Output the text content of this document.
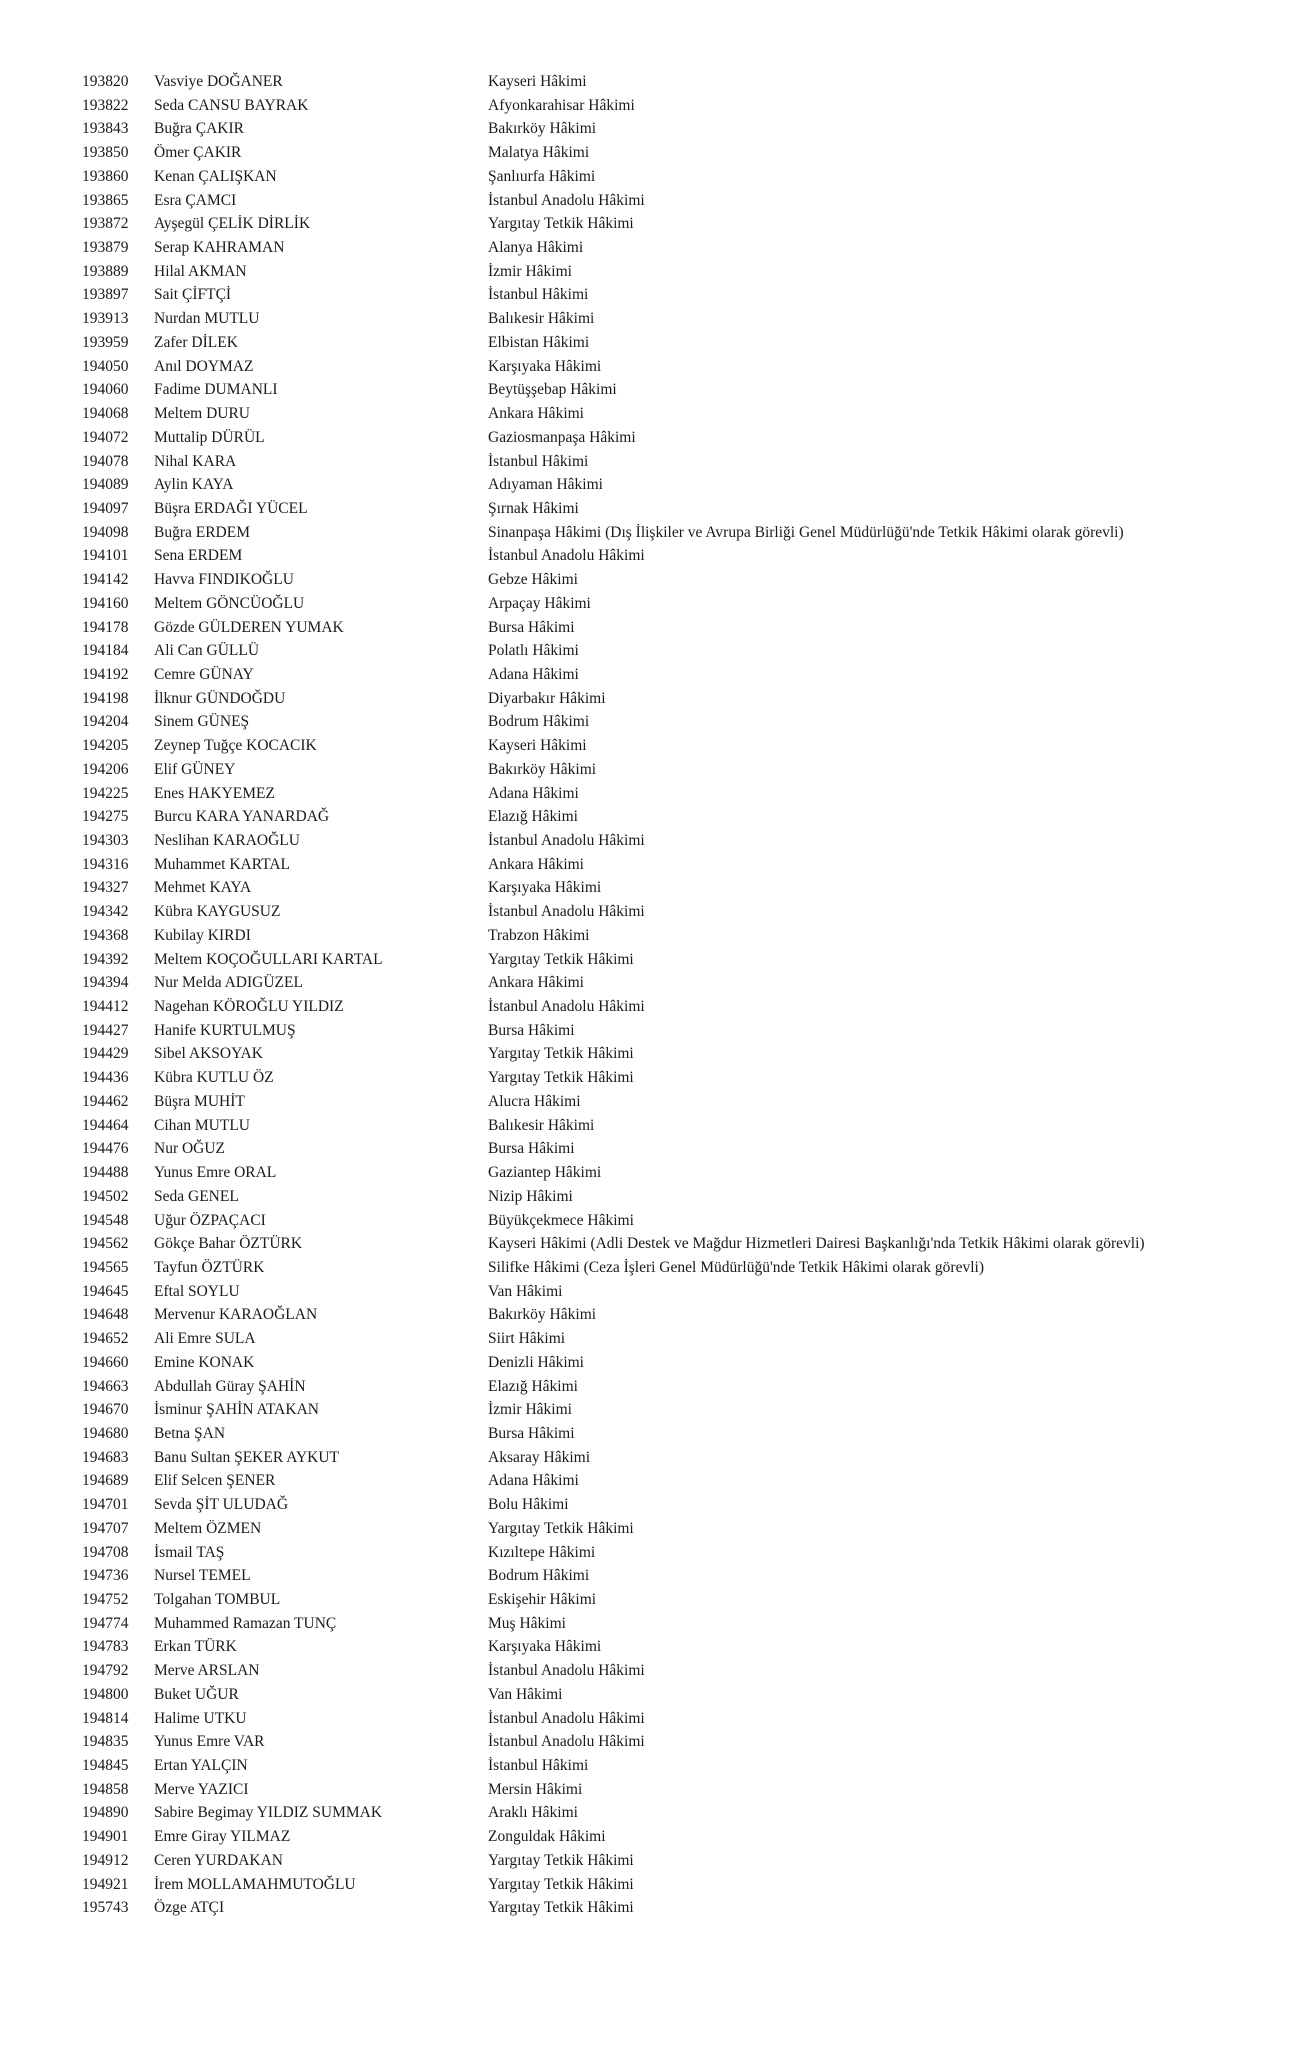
193820	Vasviye DOĞANER	Kayseri Hâkimi
193822	Seda CANSU BAYRAK	Afyonkarahisar Hâkimi
193843	Buğra ÇAKIR	Bakırköy Hâkimi
193850	Ömer ÇAKIR	Malatya Hâkimi
193860	Kenan ÇALIŞKAN	Şanlıurfa Hâkimi
193865	Esra ÇAMCI	İstanbul Anadolu Hâkimi
193872	Ayşegül ÇELİK DİRLİK	Yargıtay Tetkik Hâkimi
193879	Serap KAHRAMAN	Alanya Hâkimi
193889	Hilal AKMAN	İzmir Hâkimi
193897	Sait ÇİFTÇİ	İstanbul Hâkimi
193913	Nurdan MUTLU	Balıkesir Hâkimi
193959	Zafer DİLEK	Elbistan Hâkimi
194050	Anıl DOYMAZ	Karşıyaka Hâkimi
194060	Fadime DUMANLI	Beytüşşebap Hâkimi
194068	Meltem DURU	Ankara Hâkimi
194072	Muttalip DÜRÜL	Gaziosmanpaşa Hâkimi
194078	Nihal KARA	İstanbul Hâkimi
194089	Aylin KAYA	Adıyaman Hâkimi
194097	Büşra ERDAĞI YÜCEL	Şırnak Hâkimi
194098	Buğra ERDEM	Sinanpaşa Hâkimi (Dış İlişkiler ve Avrupa Birliği Genel Müdürlüğü'nde Tetkik Hâkimi olarak görevli)
194101	Sena ERDEM	İstanbul Anadolu Hâkimi
194142	Havva FINDIKOĞLU	Gebze Hâkimi
194160	Meltem GÖNCÜOĞLU	Arpaçay Hâkimi
194178	Gözde GÜLDEREN YUMAK	Bursa Hâkimi
194184	Ali Can GÜLLÜ	Polatlı Hâkimi
194192	Cemre GÜNAY	Adana Hâkimi
194198	İlknur GÜNDOĞDU	Diyarbakır Hâkimi
194204	Sinem GÜNEŞ	Bodrum Hâkimi
194205	Zeynep Tuğçe KOCACIK	Kayseri Hâkimi
194206	Elif GÜNEY	Bakırköy Hâkimi
194225	Enes HAKYEMEZ	Adana Hâkimi
194275	Burcu KARA YANARDAĞ	Elazığ Hâkimi
194303	Neslihan KARAOĞLU	İstanbul Anadolu Hâkimi
194316	Muhammet KARTAL	Ankara Hâkimi
194327	Mehmet KAYA	Karşıyaka Hâkimi
194342	Kübra KAYGUSUZ	İstanbul Anadolu Hâkimi
194368	Kubilay KIRDI	Trabzon Hâkimi
194392	Meltem KOÇOĞULLARI KARTAL	Yargıtay Tetkik Hâkimi
194394	Nur Melda ADIGÜZEL	Ankara Hâkimi
194412	Nagehan KÖROĞLU YILDIZ	İstanbul Anadolu Hâkimi
194427	Hanife KURTULMUŞ	Bursa Hâkimi
194429	Sibel AKSOYAK	Yargıtay Tetkik Hâkimi
194436	Kübra KUTLU ÖZ	Yargıtay Tetkik Hâkimi
194462	Büşra MUHİT	Alucra Hâkimi
194464	Cihan MUTLU	Balıkesir Hâkimi
194476	Nur OĞUZ	Bursa Hâkimi
194488	Yunus Emre ORAL	Gaziantep Hâkimi
194502	Seda GENEL	Nizip Hâkimi
194548	Uğur ÖZPAÇACI	Büyükçekmece Hâkimi
194562	Gökçe Bahar ÖZTÜRK	Kayseri Hâkimi (Adli Destek ve Mağdur Hizmetleri Dairesi Başkanlığı'nda Tetkik Hâkimi olarak görevli)
194565	Tayfun ÖZTÜRK	Silifke Hâkimi (Ceza İşleri Genel Müdürlüğü'nde Tetkik Hâkimi olarak görevli)
194645	Eftal SOYLU	Van Hâkimi
194648	Mervenur KARAOĞLAN	Bakırköy Hâkimi
194652	Ali Emre SULA	Siirt Hâkimi
194660	Emine KONAK	Denizli Hâkimi
194663	Abdullah Güray ŞAHİN	Elazığ Hâkimi
194670	İsminur ŞAHİN ATAKAN	İzmir Hâkimi
194680	Betna ŞAN	Bursa Hâkimi
194683	Banu Sultan ŞEKER AYKUT	Aksaray Hâkimi
194689	Elif Selcen ŞENER	Adana Hâkimi
194701	Sevda ŞİT ULUDAĞ	Bolu Hâkimi
194707	Meltem ÖZMEN	Yargıtay Tetkik Hâkimi
194708	İsmail TAŞ	Kızıltepe Hâkimi
194736	Nursel TEMEL	Bodrum Hâkimi
194752	Tolgahan TOMBUL	Eskişehir Hâkimi
194774	Muhammed Ramazan TUNÇ	Muş Hâkimi
194783	Erkan TÜRK	Karşıyaka Hâkimi
194792	Merve ARSLAN	İstanbul Anadolu Hâkimi
194800	Buket UĞUR	Van Hâkimi
194814	Halime UTKU	İstanbul Anadolu Hâkimi
194835	Yunus Emre VAR	İstanbul Anadolu Hâkimi
194845	Ertan YALÇIN	İstanbul Hâkimi
194858	Merve YAZICI	Mersin Hâkimi
194890	Sabire Begimay YILDIZ SUMMAK	Araklı Hâkimi
194901	Emre Giray YILMAZ	Zonguldak Hâkimi
194912	Ceren YURDAKAN	Yargıtay Tetkik Hâkimi
194921	İrem MOLLAMAHMUTOĞLU	Yargıtay Tetkik Hâkimi
195743	Özge ATÇI	Yargıtay Tetkik Hâkimi
